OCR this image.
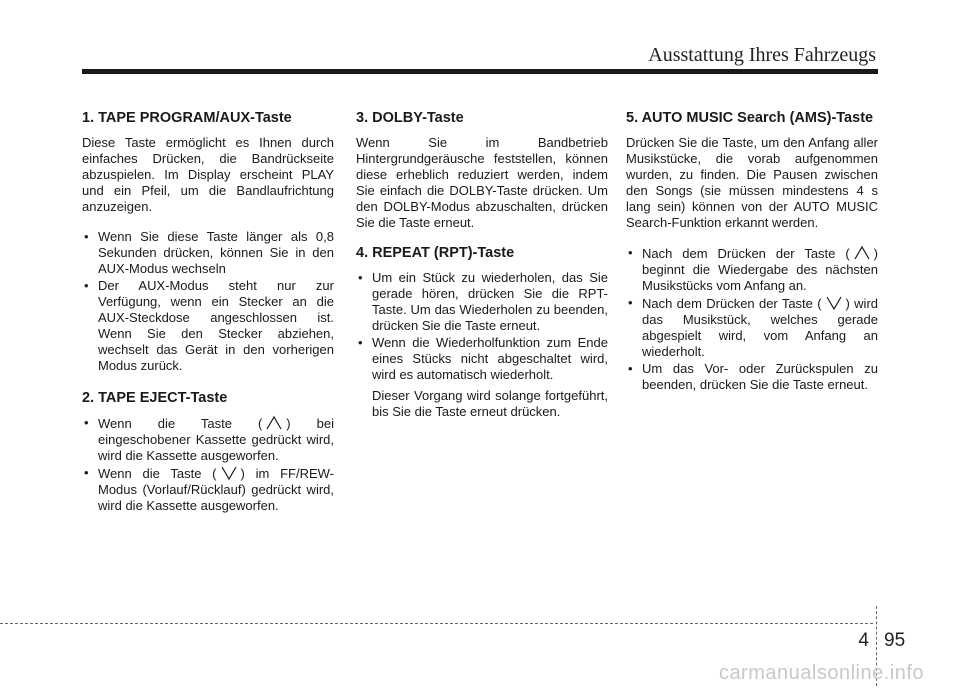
Ausstattung Ihres Fahrzeugs
1. TAPE PROGRAM/AUX-Taste

Diese Taste ermöglicht es Ihnen durch einfaches Drücken, die Bandrückseite abzuspielen. Im Display erscheint PLAY und ein Pfeil, um die Bandlaufrichtung anzuzeigen.

• Wenn Sie diese Taste länger als 0,8 Sekunden drücken, können Sie in den AUX-Modus wechseln
• Der AUX-Modus steht nur zur Verfügung, wenn ein Stecker an die AUX-Steckdose angeschlossen ist. Wenn Sie den Stecker abziehen, wechselt das Gerät in den vorherigen Modus zurück.
2. TAPE EJECT-Taste
• Wenn die Taste ( ) bei eingeschobener Kassette gedrückt wird, wird die Kassette ausgeworfen.
• Wenn die Taste ( ) im FF/REW-Modus (Vorlauf/Rücklauf) gedrückt wird, wird die Kassette ausgeworfen.
3. DOLBY-Taste

Wenn Sie im Bandbetrieb Hintergrundgeräusche feststellen, können diese erheblich reduziert werden, indem Sie einfach die DOLBY-Taste drücken. Um den DOLBY-Modus abzuschalten, drücken Sie die Taste erneut.

4. REPEAT (RPT)-Taste
• Um ein Stück zu wiederholen, das Sie gerade hören, drücken Sie die RPT-Taste. Um das Wiederholen zu beenden, drücken Sie die Taste erneut.
• Wenn die Wiederholfunktion zum Ende eines Stücks nicht abgeschaltet wird, wird es automatisch wiederholt.
Dieser Vorgang wird solange fortgeführt, bis Sie die Taste erneut drücken.
5. AUTO MUSIC Search (AMS)-Taste

Drücken Sie die Taste, um den Anfang aller Musikstücke, die vorab aufgenommen wurden, zu finden. Die Pausen zwischen den Songs (sie müssen mindestens 4 s lang sein) können von der AUTO MUSIC Search-Funktion erkannt werden.

• Nach dem Drücken der Taste ( ) beginnt die Wiedergabe des nächsten Musikstücks vom Anfang an.
• Nach dem Drücken der Taste ( ) wird das Musikstück, welches gerade abgespielt wird, vom Anfang an wiederholt.
• Um das Vor- oder Zurückspulen zu beenden, drücken Sie die Taste erneut.
4 95
carmanualsonline.info
